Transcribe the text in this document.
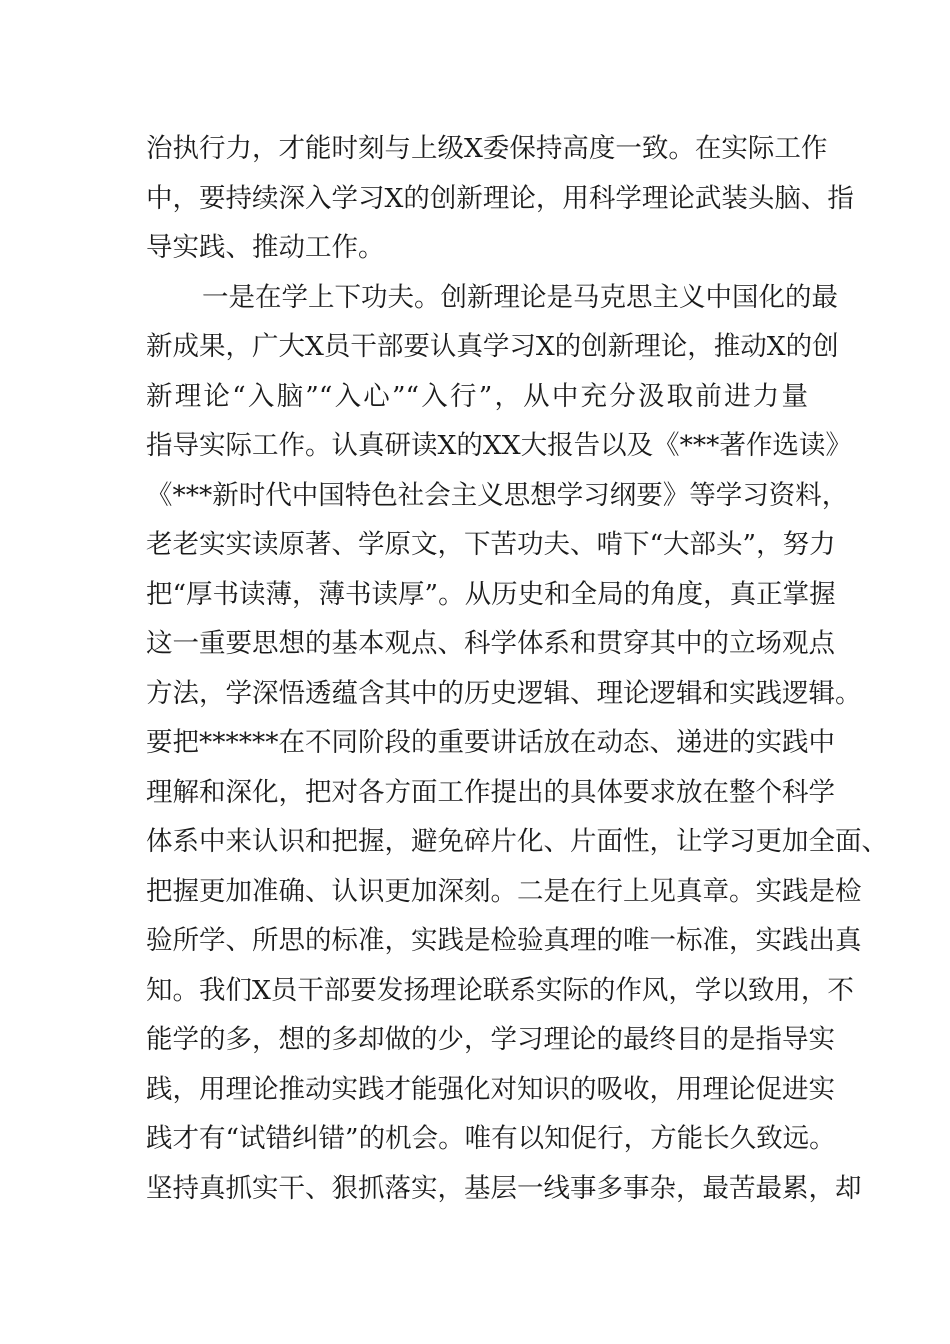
治执行力，才能时刻与上级X委保持高度一致。在实际工作
中，要持续深入学习X的创新理论，用科学理论武装头脑、指
导实践、推动工作。
一是在学上下功夫。创新理论是马克思主义中国化的最
新成果，广大X员干部要认真学习X的创新理论，推动X的创
新理论“入脑”“入心”“入行”，从中充分汲取前进力量
指导实际工作。认真研读X的XX大报告以及《***著作选读》
《***新时代中国特色社会主义思想学习纲要》等学习资料，
老老实实读原著、学原文，下苦功夫、啃下“大部头”，努力
把“厚书读薄，薄书读厚”。从历史和全局的角度，真正掌握
这一重要思想的基本观点、科学体系和贯穿其中的立场观点
方法，学深悟透蕴含其中的历史逻辑、理论逻辑和实践逻辑。
要把******在不同阶段的重要讲话放在动态、递进的实践中
理解和深化，把对各方面工作提出的具体要求放在整个科学
体系中来认识和把握，避免碎片化、片面性，让学习更加全面、
把握更加准确、认识更加深刻。二是在行上见真章。实践是检
验所学、所思的标准，实践是检验真理的唯一标准，实践出真
知。我们X员干部要发扬理论联系实际的作风，学以致用，不
能学的多，想的多却做的少，学习理论的最终目的是指导实
践，用理论推动实践才能强化对知识的吸收，用理论促进实
践才有“试错纠错”的机会。唯有以知促行，方能长久致远。
坚持真抓实干、狠抓落实，基层一线事多事杂，最苦最累，却
